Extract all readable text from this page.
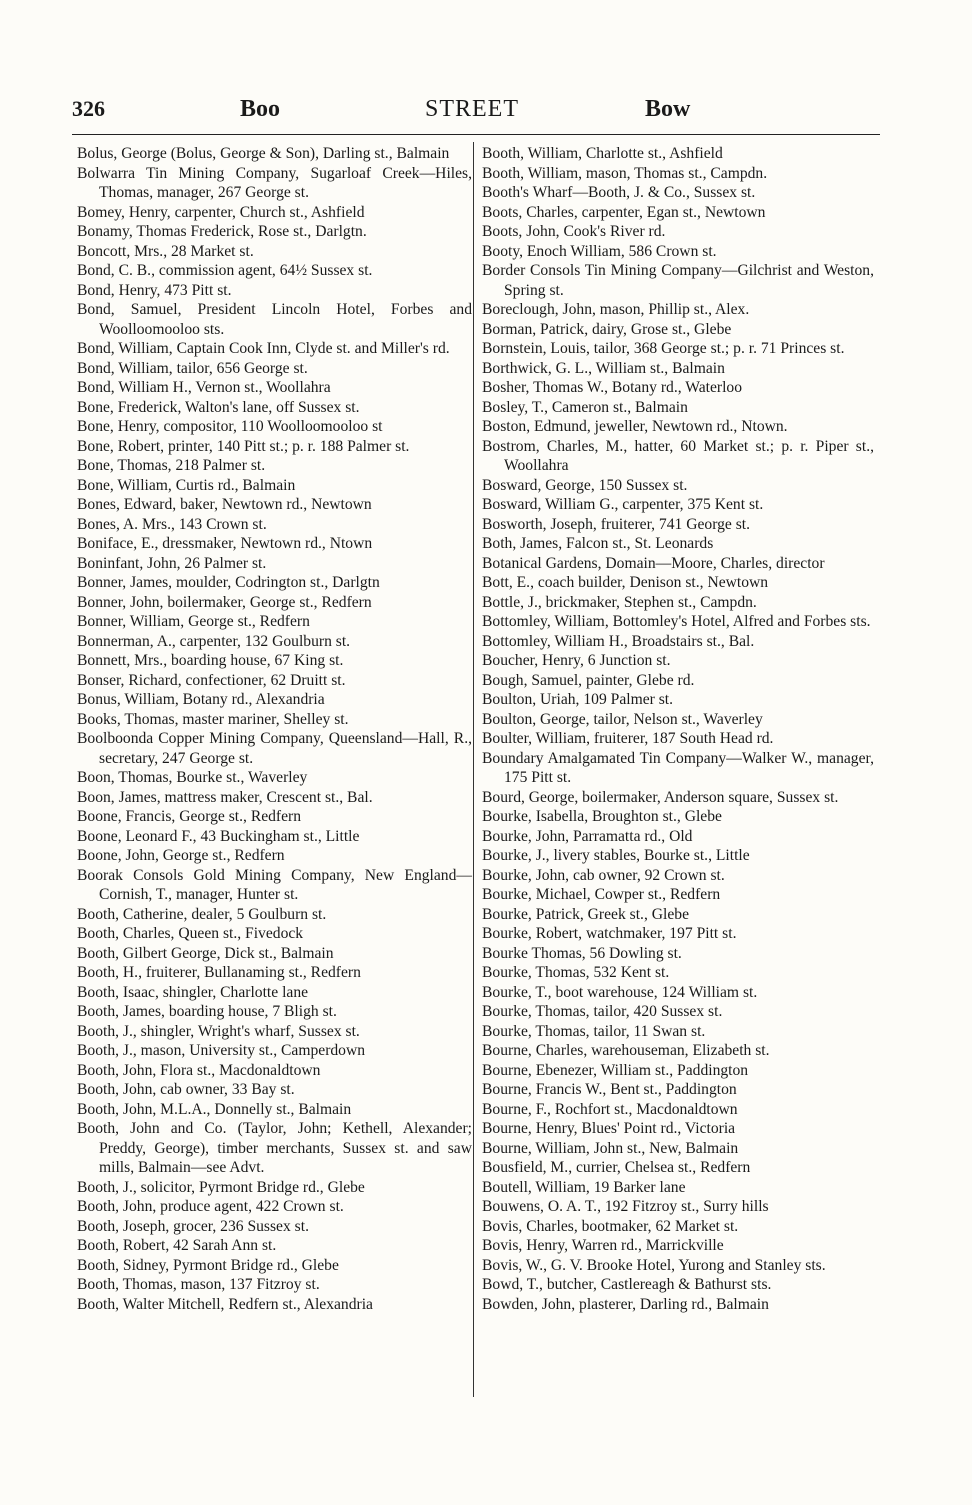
326	Boo	STREET	Bow
Bolus, George (Bolus, George & Son), Darling st., Balmain
Bolwarra Tin Mining Company, Sugarloaf Creek—Hiles, Thomas, manager, 267 George st.
Bomey, Henry, carpenter, Church st., Ashfield
Bonamy, Thomas Frederick, Rose st., Darlgtn.
Boncott, Mrs., 28 Market st.
Bond, C. B., commission agent, 64½ Sussex st.
Bond, Henry, 473 Pitt st.
Bond, Samuel, President Lincoln Hotel, Forbes and Woolloomooloo sts.
Bond, William, Captain Cook Inn, Clyde st. and Miller's rd.
Bond, William, tailor, 656 George st.
Bond, William H., Vernon st., Woollahra
Bone, Frederick, Walton's lane, off Sussex st.
Bone, Henry, compositor, 110 Woolloomooloo st
Bone, Robert, printer, 140 Pitt st.; p. r. 188 Palmer st.
Bone, Thomas, 218 Palmer st.
Bone, William, Curtis rd., Balmain
Bones, Edward, baker, Newtown rd., Newtown
Bones, A. Mrs., 143 Crown st.
Boniface, E., dressmaker, Newtown rd., Ntown
Boninfant, John, 26 Palmer st.
Bonner, James, moulder, Codrington st., Darlgtn
Bonner, John, boilermaker, George st., Redfern
Bonner, William, George st., Redfern
Bonnerman, A., carpenter, 132 Goulburn st.
Bonnett, Mrs., boarding house, 67 King st.
Bonser, Richard, confectioner, 62 Druitt st.
Bonus, William, Botany rd., Alexandria
Books, Thomas, master mariner, Shelley st.
Boolboonda Copper Mining Company, Queensland—Hall, R., secretary, 247 George st.
Boon, Thomas, Bourke st., Waverley
Boon, James, mattress maker, Crescent st., Bal.
Boone, Francis, George st., Redfern
Boone, Leonard F., 43 Buckingham st., Little
Boone, John, George st., Redfern
Boorak Consols Gold Mining Company, New England—Cornish, T., manager, Hunter st.
Booth, Catherine, dealer, 5 Goulburn st.
Booth, Charles, Queen st., Fivedock
Booth, Gilbert George, Dick st., Balmain
Booth, H., fruiterer, Bullanaming st., Redfern
Booth, Isaac, shingler, Charlotte lane
Booth, James, boarding house, 7 Bligh st.
Booth, J., shingler, Wright's wharf, Sussex st.
Booth, J., mason, University st., Camperdown
Booth, John, Flora st., Macdonaldtown
Booth, John, cab owner, 33 Bay st.
Booth, John, M.L.A., Donnelly st., Balmain
Booth, John and Co. (Taylor, John; Kethell, Alexander; Preddy, George), timber merchants, Sussex st. and saw mills, Balmain—see Advt.
Booth, J., solicitor, Pyrmont Bridge rd., Glebe
Booth, John, produce agent, 422 Crown st.
Booth, Joseph, grocer, 236 Sussex st.
Booth, Robert, 42 Sarah Ann st.
Booth, Sidney, Pyrmont Bridge rd., Glebe
Booth, Thomas, mason, 137 Fitzroy st.
Booth, Walter Mitchell, Redfern st., Alexandria
Booth, William, Charlotte st., Ashfield
Booth, William, mason, Thomas st., Campdn.
Booth's Wharf—Booth, J. & Co., Sussex st.
Boots, Charles, carpenter, Egan st., Newtown
Boots, John, Cook's River rd.
Booty, Enoch William, 586 Crown st.
Border Consols Tin Mining Company—Gilchrist and Weston, Spring st.
Boreclough, John, mason, Phillip st., Alex.
Borman, Patrick, dairy, Grose st., Glebe
Bornstein, Louis, tailor, 368 George st.; p. r. 71 Princes st.
Borthwick, G. L., William st., Balmain
Bosher, Thomas W., Botany rd., Waterloo
Bosley, T., Cameron st., Balmain
Boston, Edmund, jeweller, Newtown rd., Ntown.
Bostrom, Charles, M., hatter, 60 Market st.; p. r. Piper st., Woollahra
Bosward, George, 150 Sussex st.
Bosward, William G., carpenter, 375 Kent st.
Bosworth, Joseph, fruiterer, 741 George st.
Both, James, Falcon st., St. Leonards
Botanical Gardens, Domain—Moore, Charles, director
Bott, E., coach builder, Denison st., Newtown
Bottle, J., brickmaker, Stephen st., Campdn.
Bottomley, William, Bottomley's Hotel, Alfred and Forbes sts.
Bottomley, William H., Broadstairs st., Bal.
Boucher, Henry, 6 Junction st.
Bough, Samuel, painter, Glebe rd.
Boulton, Uriah, 109 Palmer st.
Boulton, George, tailor, Nelson st., Waverley
Boulter, William, fruiterer, 187 South Head rd.
Boundary Amalgamated Tin Company—Walker W., manager, 175 Pitt st.
Bourd, George, boilermaker, Anderson square, Sussex st.
Bourke, Isabella, Broughton st., Glebe
Bourke, John, Parramatta rd., Old
Bourke, J., livery stables, Bourke st., Little
Bourke, John, cab owner, 92 Crown st.
Bourke, Michael, Cowper st., Redfern
Bourke, Patrick, Greek st., Glebe
Bourke, Robert, watchmaker, 197 Pitt st.
Bourke Thomas, 56 Dowling st.
Bourke, Thomas, 532 Kent st.
Bourke, T., boot warehouse, 124 William st.
Bourke, Thomas, tailor, 420 Sussex st.
Bourke, Thomas, tailor, 11 Swan st.
Bourne, Charles, warehouseman, Elizabeth st.
Bourne, Ebenezer, William st., Paddington
Bourne, Francis W., Bent st., Paddington
Bourne, F., Rochfort st., Macdonaldtown
Bourne, Henry, Blues' Point rd., Victoria
Bourne, William, John st., New, Balmain
Bousfield, M., currier, Chelsea st., Redfern
Boutell, William, 19 Barker lane
Bouwens, O. A. T., 192 Fitzroy st., Surry hills
Bovis, Charles, bootmaker, 62 Market st.
Bovis, Henry, Warren rd., Marrickville
Bovis, W., G. V. Brooke Hotel, Yurong and Stanley sts.
Bowd, T., butcher, Castlereagh & Bathurst sts.
Bowden, John, plasterer, Darling rd., Balmain
